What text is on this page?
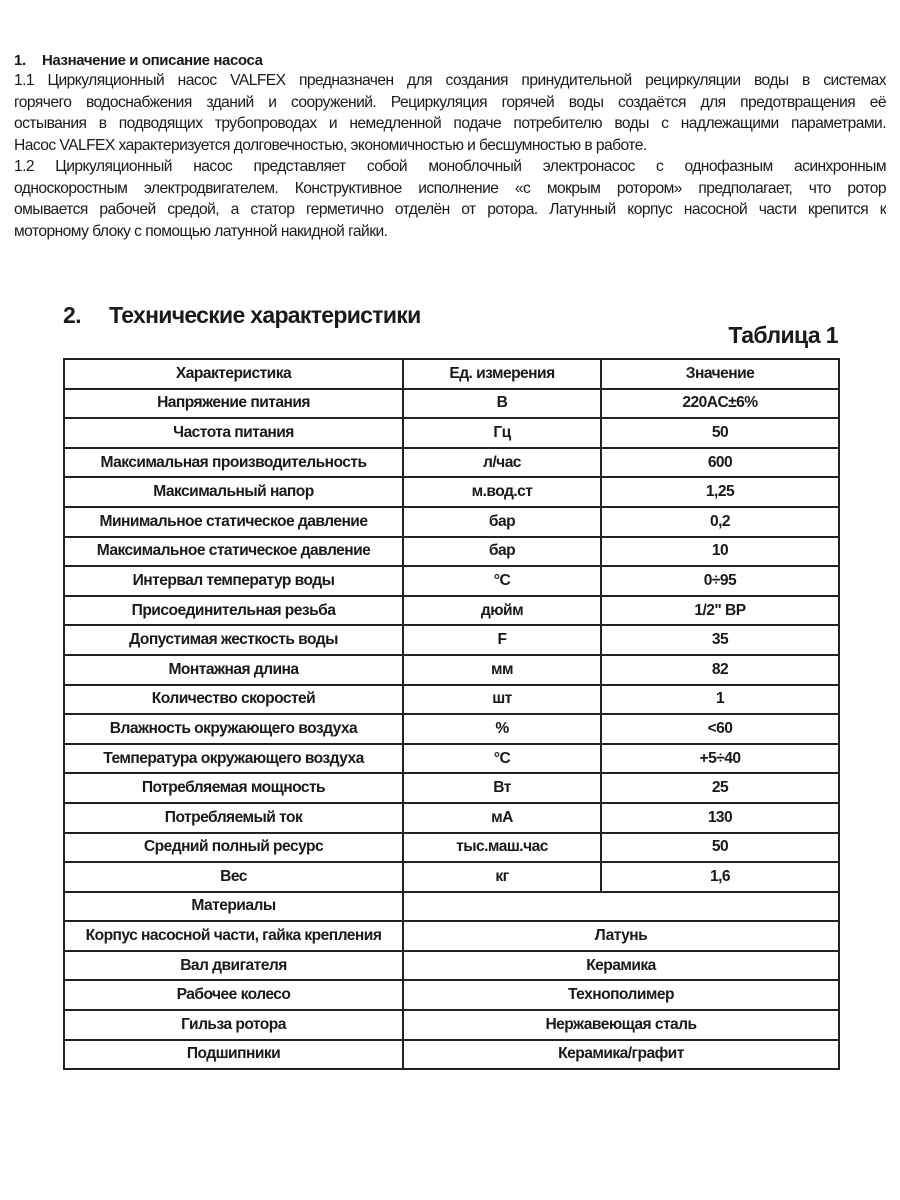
1. Назначение и описание насоса
1.1 Циркуляционный насос VALFEX предназначен для создания принудительной рециркуляции воды в системах
горячего водоснабжения зданий и сооружений. Рециркуляция горячей воды создаётся для предотвращения её
остывания в подводящих трубопроводах и немедленной подаче потребителю воды с надлежащими параметрами.
Насос VALFEX характеризуется долговечностью, экономичностью и бесшумностью в работе.
1.2 Циркуляционный насос представляет собой моноблочный электронасос с однофазным асинхронным
односкоростным электродвигателем. Конструктивное исполнение «с мокрым ротором» предполагает, что ротор
омывается рабочей средой, а статор герметично отделён от ротора. Латунный корпус насосной части крепится к
моторному блоку с помощью латунной накидной гайки.
2. Технические характеристики
Таблица 1
Характеристика	Ед. измерения	Значение
Напряжение питания	В	220AC±6%
Частота питания	Гц	50
Максимальная производительность	л/час	600
Максимальный напор	м.вод.ст	1,25
Минимальное статическое давление	бар	0,2
Максимальное статическое давление	бар	10
Интервал температур воды	°С	0÷95
Присоединительная резьба	дюйм	1/2" ВР
Допустимая жесткость воды	F	35
Монтажная длина	мм	82
Количество скоростей	шт	1
Влажность окружающего воздуха	%	<60
Температура окружающего воздуха	°С	+5÷40
Потребляемая мощность	Вт	25
Потребляемый ток	мА	130
Средний полный ресурс	тыс.маш.час	50
Вес	кг	1,6
Материалы		
Корпус насосной части, гайка крепления	Латунь	
Вал двигателя	Керамика	
Рабочее колесо	Технополимер	
Гильза ротора	Нержавеющая сталь	
Подшипники	Керамика/графит	
